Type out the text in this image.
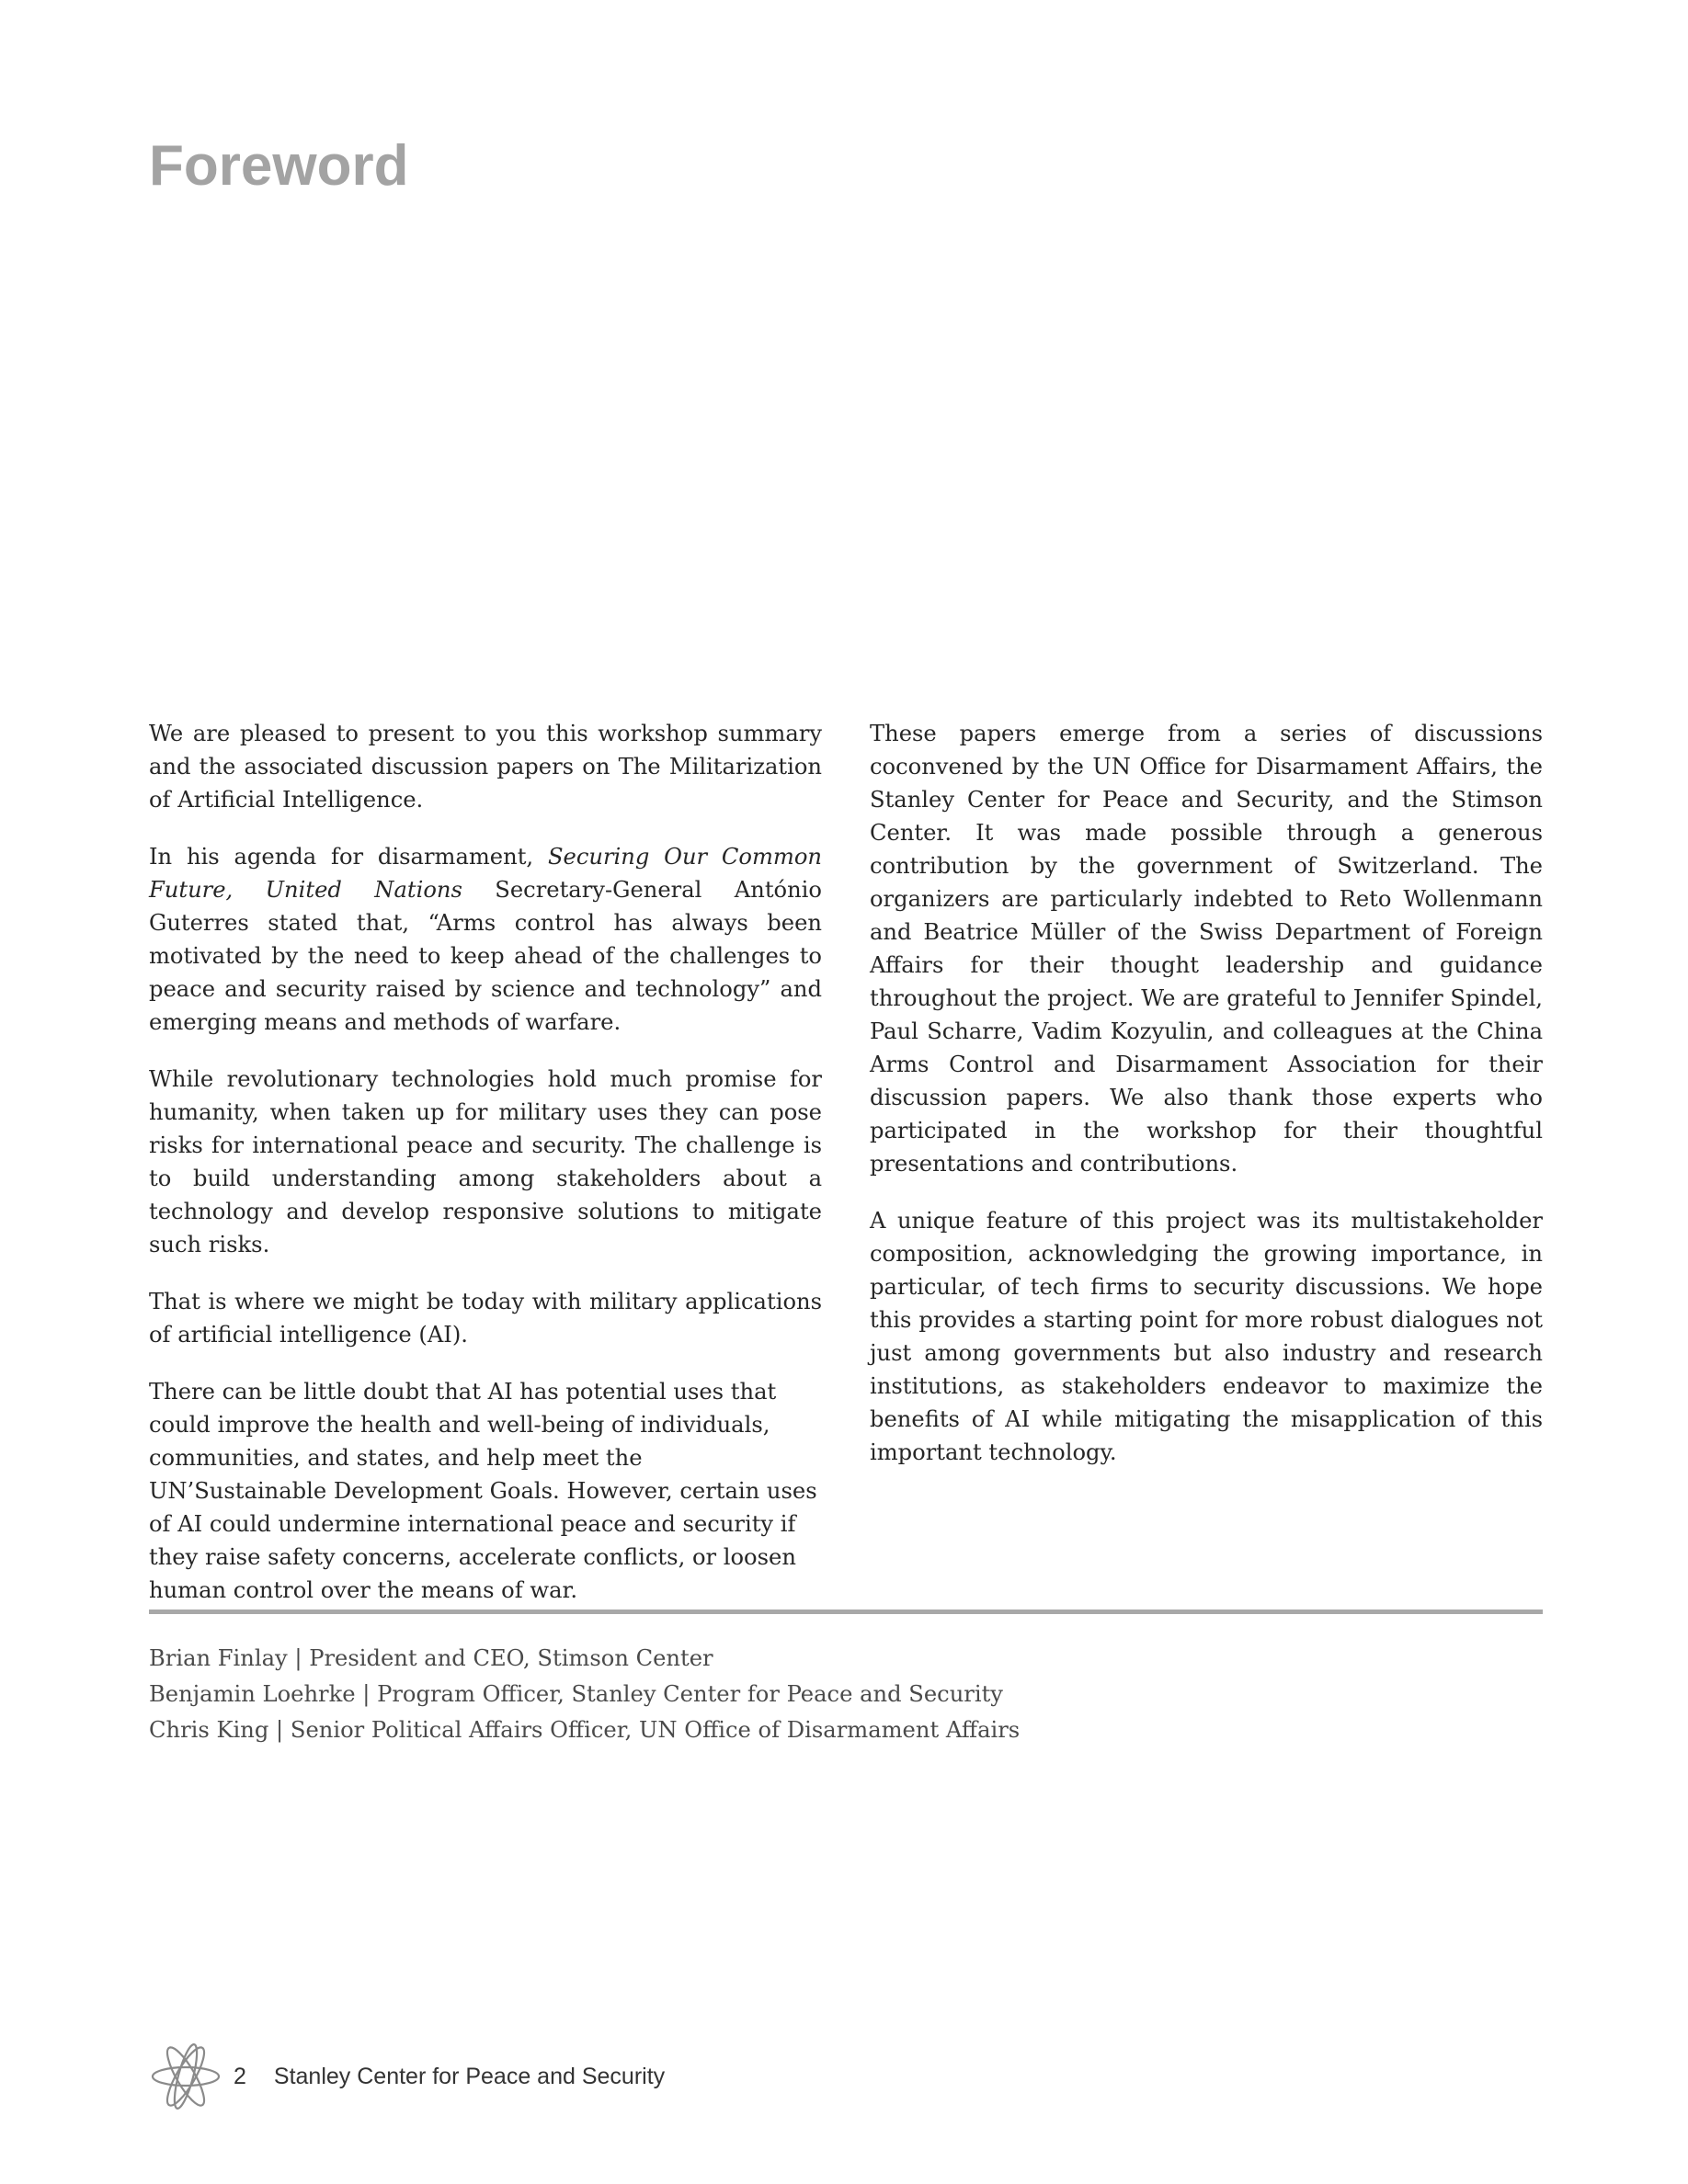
Foreword

We are pleased to present to you this workshop summary and the associated discussion papers on The Militarization of Artificial Intelligence.

In his agenda for disarmament, Securing Our Common Future, United Nations Secretary-General António Guterres stated that, “Arms control has always been motivated by the need to keep ahead of the challenges to peace and security raised by science and technology” and emerging means and methods of warfare.

While revolutionary technologies hold much promise for humanity, when taken up for military uses they can pose risks for international peace and security. The challenge is to build understanding among stakeholders about a technology and develop responsive solutions to mitigate such risks.

That is where we might be today with military applications of artificial intelligence (AI).

There can be little doubt that AI has potential uses that could improve the health and well-being of individuals, communities, and states, and help meet the UN’Sustainable Development Goals. However, certain uses of AI could undermine international peace and security if they raise safety concerns, accelerate conflicts, or loosen human control over the means of war.

These papers emerge from a series of discussions coconvened by the UN Office for Disarmament Affairs, the Stanley Center for Peace and Security, and the Stimson Center. It was made possible through a generous contribution by the government of Switzerland. The organizers are particularly indebted to Reto Wollenmann and Beatrice Müller of the Swiss Department of Foreign Affairs for their thought leadership and guidance throughout the project. We are grateful to Jennifer Spindel, Paul Scharre, Vadim Kozyulin, and colleagues at the China Arms Control and Disarmament Association for their discussion papers. We also thank those experts who participated in the workshop for their thoughtful presentations and contributions.

A unique feature of this project was its multistakeholder composition, acknowledging the growing importance, in particular, of tech firms to security discussions. We hope this provides a starting point for more robust dialogues not just among governments but also industry and research institutions, as stakeholders endeavor to maximize the benefits of AI while mitigating the misapplication of this important technology.

Brian Finlay | President and CEO, Stimson Center
Benjamin Loehrke | Program Officer, Stanley Center for Peace and Security
Chris King | Senior Political Affairs Officer, UN Office of Disarmament Affairs
2 Stanley Center for Peace and Security
